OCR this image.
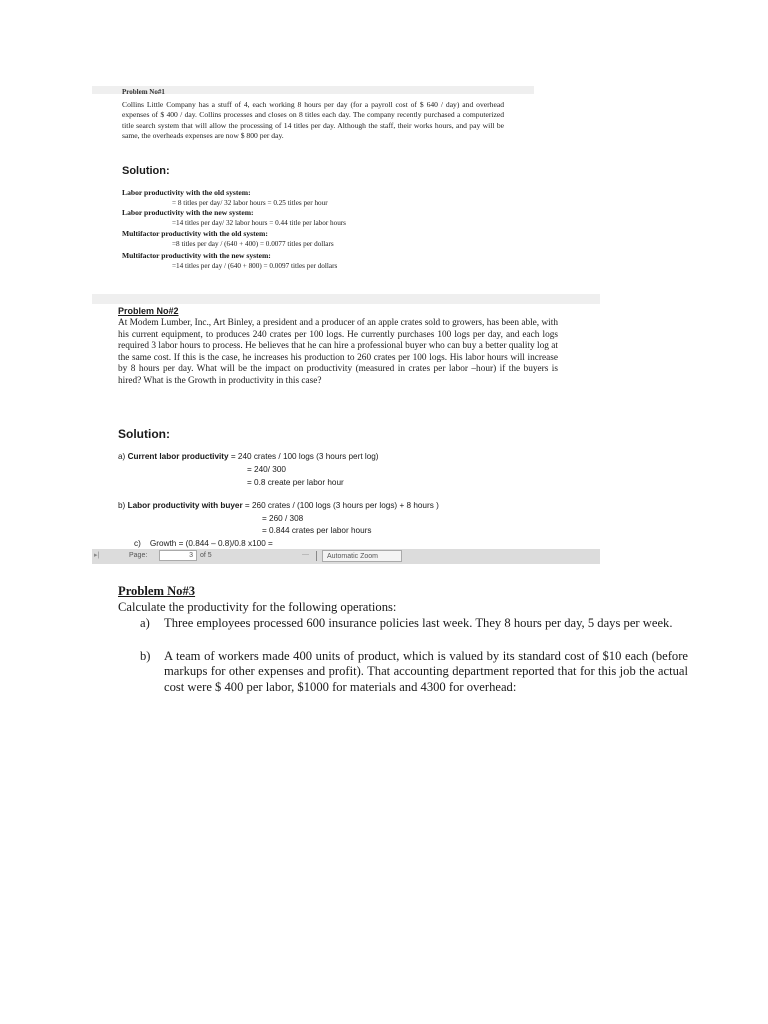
Problem No#1
Collins Little Company has a stuff of 4, each working 8 hours per day (for a payroll cost of $ 640 / day) and overhead expenses of $ 400 / day. Collins processes and closes on 8 titles each day. The company recently purchased a computerized title search system that will allow the processing of 14 titles per day. Although the staff, their works hours, and pay will be same, the overheads expenses are now $ 800 per day.
Solution:
Labor productivity with the old system:
= 8 titles per day/ 32 labor hours = 0.25 titles per hour
Labor productivity with the new system:
=14 titles per day/ 32 labor hours = 0.44 title per labor hours
Multifactor productivity with the old system:
=8 titles per day / (640 + 400) = 0.0077 titles per dollars
Multifactor productivity with the new system:
=14 titles per day / (640 + 800) = 0.0097 titles per dollars
Problem No#2
At Modem Lumber, Inc., Art Binley, a president and a producer of an apple crates sold to growers, has been able, with his current equipment, to produces 240 crates per 100 logs. He currently purchases 100 logs per day, and each logs required 3 labor hours to process. He believes that he can hire a professional buyer who can buy a better quality log at the same cost. If this is the case, he increases his production to 260 crates per 100 logs. His labor hours will increase by 8 hours per day. What will be the impact on productivity (measured in crates per labor –hour) if the buyers is hired? What is the Growth in productivity in this case?
Solution:
a) Current labor productivity = 240 crates / 100 logs (3 hours pert log)
= 240/ 300
= 0.8 create per labor hour
b) Labor productivity with buyer = 260 crates / (100 logs (3 hours per logs) + 8 hours )
= 260 / 308
= 0.844 crates per labor hours
c)    Growth = (0.844 – 0.8)/0.8 x100 =
▸|	Page:	3	of 5	—	Automatic Zoom
Problem No#3
Calculate the productivity for the following operations:
a) Three employees processed 600 insurance policies last week. They 8 hours per day, 5 days per week.
b) A team of workers made 400 units of product, which is valued by its standard cost of $10 each (before markups for other expenses and profit). That accounting department reported that for this job the actual cost were $ 400 per labor, $1000 for materials and 4300 for overhead:
